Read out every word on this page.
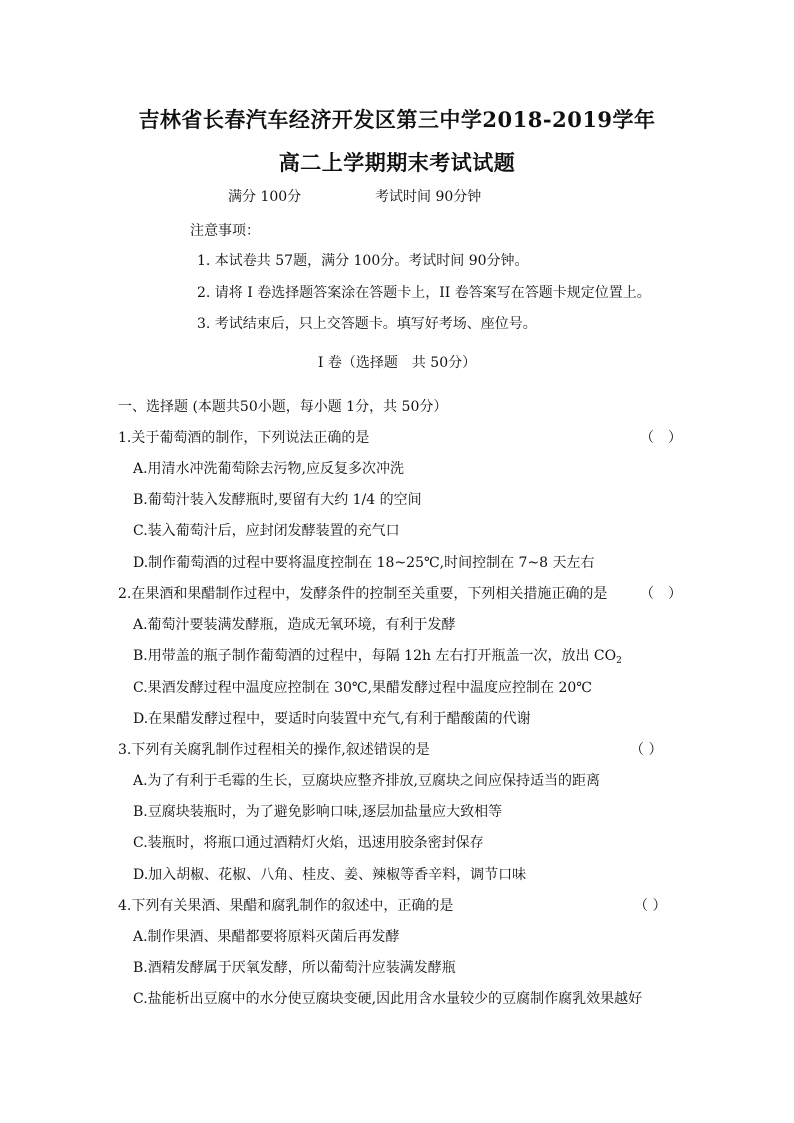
吉林省长春汽车经济开发区第三中学2018-2019学年
高二上学期期末考试试题
满分 100分	考试时间 90分钟
注意事项：
1. 本试卷共 57题，满分 100分。考试时间 90分钟。
2. 请将 I 卷选择题答案涂在答题卡上，II 卷答案写在答题卡规定位置上。
3. 考试结束后，只上交答题卡。填写好考场、座位号。
I 卷（选择题　共 50分）
一、选择题 (本题共50小题，每小题 1分，共 50分）
1.关于葡萄酒的制作，下列说法正确的是	（　）
A.用清水冲洗葡萄除去污物,应反复多次冲洗
B.葡萄汁装入发酵瓶时,要留有大约 1/4 的空间
C.装入葡萄汁后，应封闭发酵装置的充气口
D.制作葡萄酒的过程中要将温度控制在 18~25℃,时间控制在 7~8 天左右
2.在果酒和果醋制作过程中，发酵条件的控制至关重要，下列相关措施正确的是 （　）
A.葡萄汁要装满发酵瓶，造成无氧环境，有利于发酵
B.用带盖的瓶子制作葡萄酒的过程中，每隔 12h 左右打开瓶盖一次，放出 $CO_2$
C.果酒发酵过程中温度应控制在 30℃,果醋发酵过程中温度应控制在 20℃
D.在果醋发酵过程中，要适时向装置中充气,有利于醋酸菌的代谢
3.下列有关腐乳制作过程相关的操作,叙述错误的是	（ ）
A.为了有利于毛霉的生长，豆腐块应整齐排放,豆腐块之间应保持适当的距离
B.豆腐块装瓶时，为了避免影响口味,逐层加盐量应大致相等
C.装瓶时，将瓶口通过酒精灯火焰，迅速用胶条密封保存
D.加入胡椒、花椒、八角、桂皮、姜、辣椒等香辛料，调节口味
4.下列有关果酒、果醋和腐乳制作的叙述中，正确的是	（ ）
A.制作果酒、果醋都要将原料灭菌后再发酵
B.酒精发酵属于厌氧发酵，所以葡萄汁应装满发酵瓶
C.盐能析出豆腐中的水分使豆腐块变硬,因此用含水量较少的豆腐制作腐乳效果越好
